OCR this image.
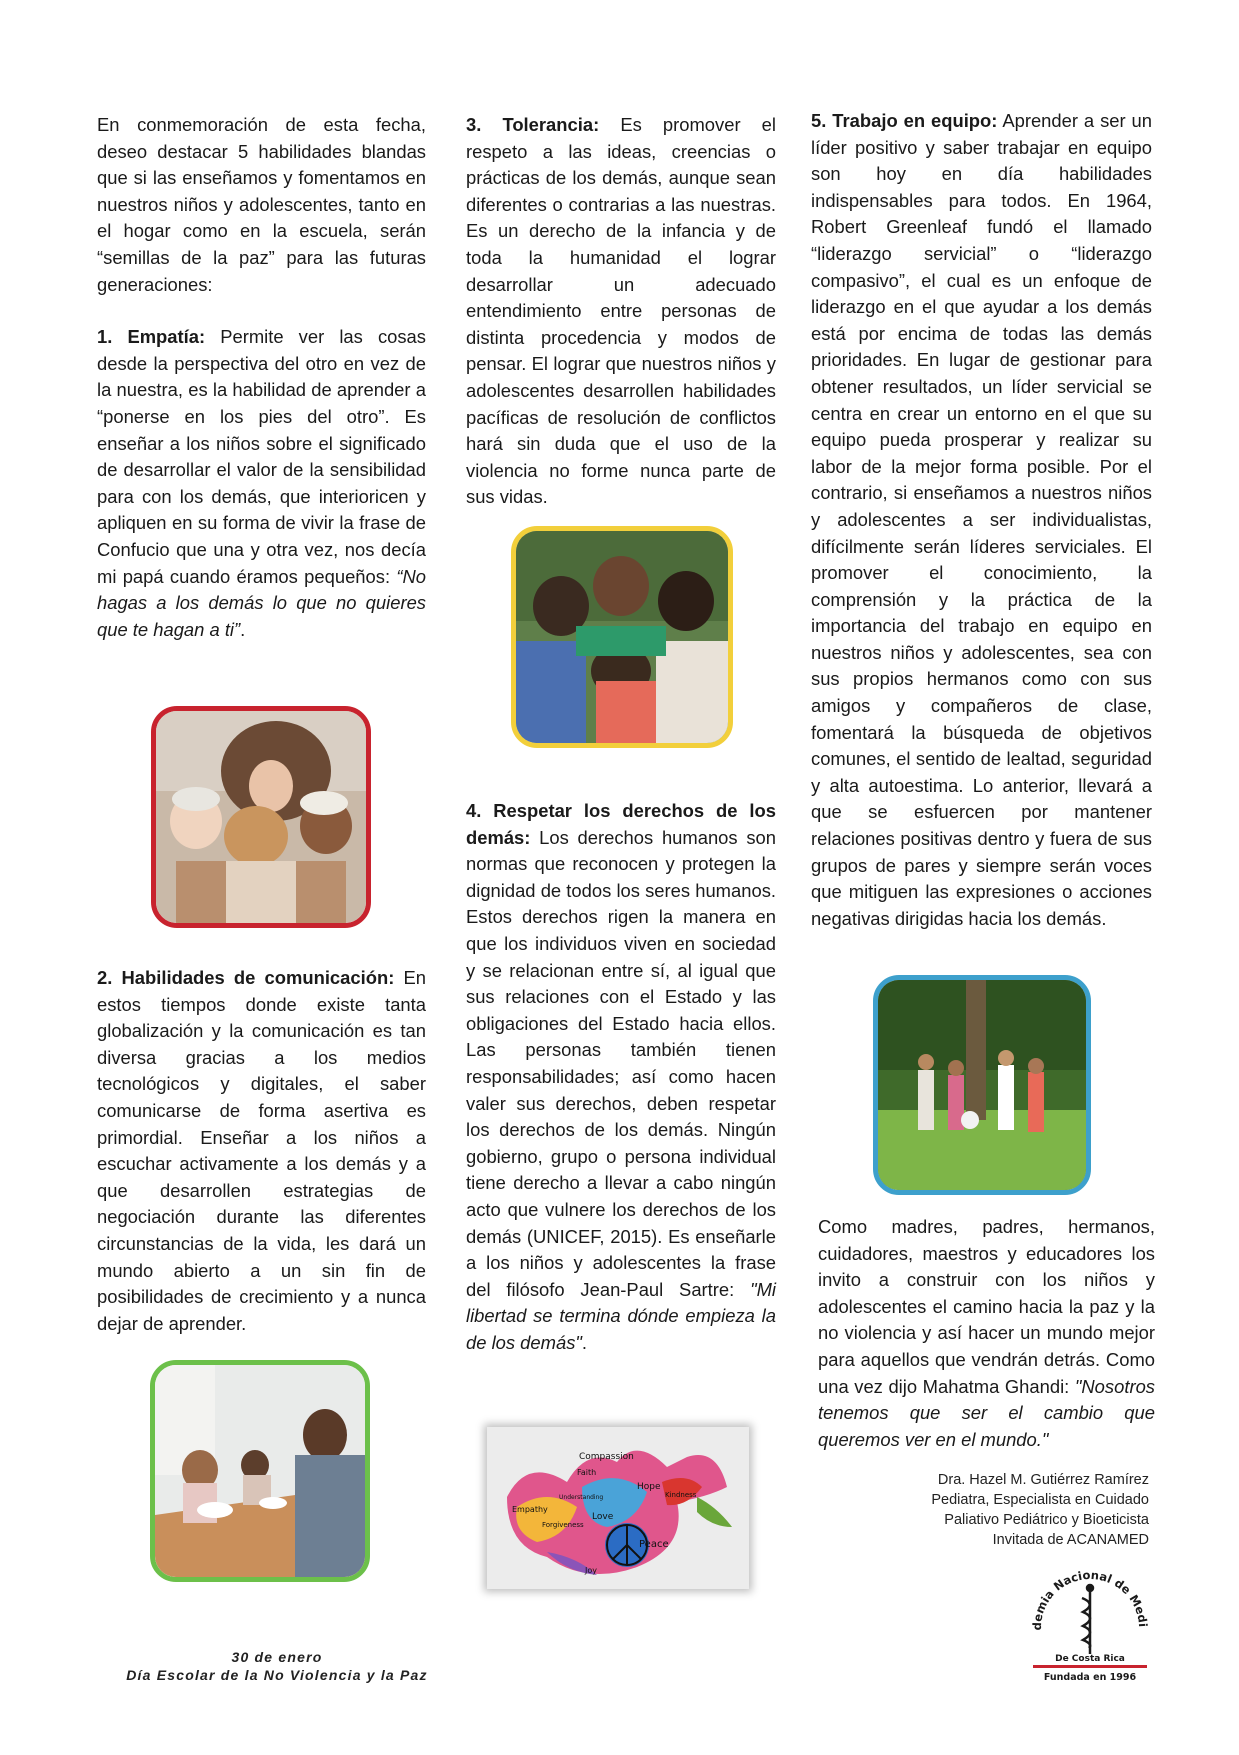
En conmemoración de esta fecha, deseo destacar 5 habilidades blandas que si las enseñamos y fomentamos en nuestros niños y adolescentes, tanto en el hogar como en la escuela, serán “semillas de la paz” para las futuras generaciones:

1. Empatía: Permite ver las cosas desde la perspectiva del otro en vez de la nuestra, es la habilidad de aprender a “ponerse en los pies del otro”. Es enseñar a los niños sobre el significado de desarrollar el valor de la sensibilidad para con los demás, que interioricen y apliquen en su forma de vivir la frase de Confucio que una y otra vez, nos decía mi papá cuando éramos pequeños: “No hagas a los demás lo que no quieres que te hagan a ti”.

2. Habilidades de comunicación: En estos tiempos donde existe tanta globalización y la comunicación es tan diversa gracias a los medios tecnológicos y digitales, el saber comunicarse de forma asertiva es primordial. Enseñar a los niños a escuchar activamente a los demás y a que desarrollen estrategias de negociación durante las diferentes circunstancias de la vida, les dará un mundo abierto a un sin fin de posibilidades de crecimiento y a nunca dejar de aprender.

3. Tolerancia: Es promover el respeto a las ideas, creencias o prácticas de los demás, aunque sean diferentes o contrarias a las nuestras. Es un derecho de la infancia y de toda la humanidad el lograr desarrollar un adecuado entendimiento entre personas de distinta procedencia y modos de pensar. El lograr que nuestros niños y adolescentes desarrollen habilidades pacíficas de resolución de conflictos hará sin duda que el uso de la violencia no forme nunca parte de sus vidas.

4. Respetar los derechos de los demás: Los derechos humanos son normas que reconocen y protegen la dignidad de todos los seres humanos. Estos derechos rigen la manera en que los individuos viven en sociedad y se relacionan entre sí, al igual que sus relaciones con el Estado y las obligaciones del Estado hacia ellos. Las personas también tienen responsabilidades; así como hacen valer sus derechos, deben respetar los derechos de los demás. Ningún gobierno, grupo o persona individual tiene derecho a llevar a cabo ningún acto que vulnere los derechos de los demás (UNICEF, 2015). Es enseñarle a los niños y adolescentes la frase del filósofo Jean-Paul Sartre: "Mi libertad se termina dónde empieza la de los demás".

5. Trabajo en equipo: Aprender a ser un líder positivo y saber trabajar en equipo son hoy en día habilidades indispensables para todos. En 1964, Robert Greenleaf fundó el llamado “liderazgo servicial” o “liderazgo compasivo”, el cual es un enfoque de liderazgo en el que ayudar a los demás está por encima de todas las demás prioridades. En lugar de gestionar para obtener resultados, un líder servicial se centra en crear un entorno en el que su equipo pueda prosperar y realizar su labor de la mejor forma posible. Por el contrario, si enseñamos a nuestros niños y adolescentes a ser individualistas, difícilmente serán líderes serviciales. El promover el conocimiento, la comprensión y la práctica de la importancia del trabajo en equipo en nuestros niños y adolescentes, sea con sus propios hermanos como con sus amigos y compañeros de clase, fomentará la búsqueda de objetivos comunes, el sentido de lealtad, seguridad y alta autoestima. Lo anterior, llevará a que se esfuercen por mantener relaciones positivas dentro y fuera de sus grupos de pares y siempre serán voces que mitiguen las expresiones o acciones negativas dirigidas hacia los demás.

Como madres, padres, hermanos, cuidadores, maestros y educadores los invito a construir con los niños y adolescentes el camino hacia la paz y la no violencia y así hacer un mundo mejor para aquellos que vendrán detrás. Como una vez dijo Mahatma Ghandi: "Nosotros tenemos que ser el cambio que queremos ver en el mundo."
Dra. Hazel M. Gutiérrez Ramírez
Pediatra, Especialista en Cuidado
Paliativo Pediátrico y Bioeticista
Invitada de ACANAMED
30 de enero
Día Escolar de la No Violencia y la Paz
Compassion
Hope
Peace
Love
Empathy
Forgiveness
Joy
Faith
Kindness
Understanding
demia Nacional de Medi
De Costa Rica
Fundada en 1996
